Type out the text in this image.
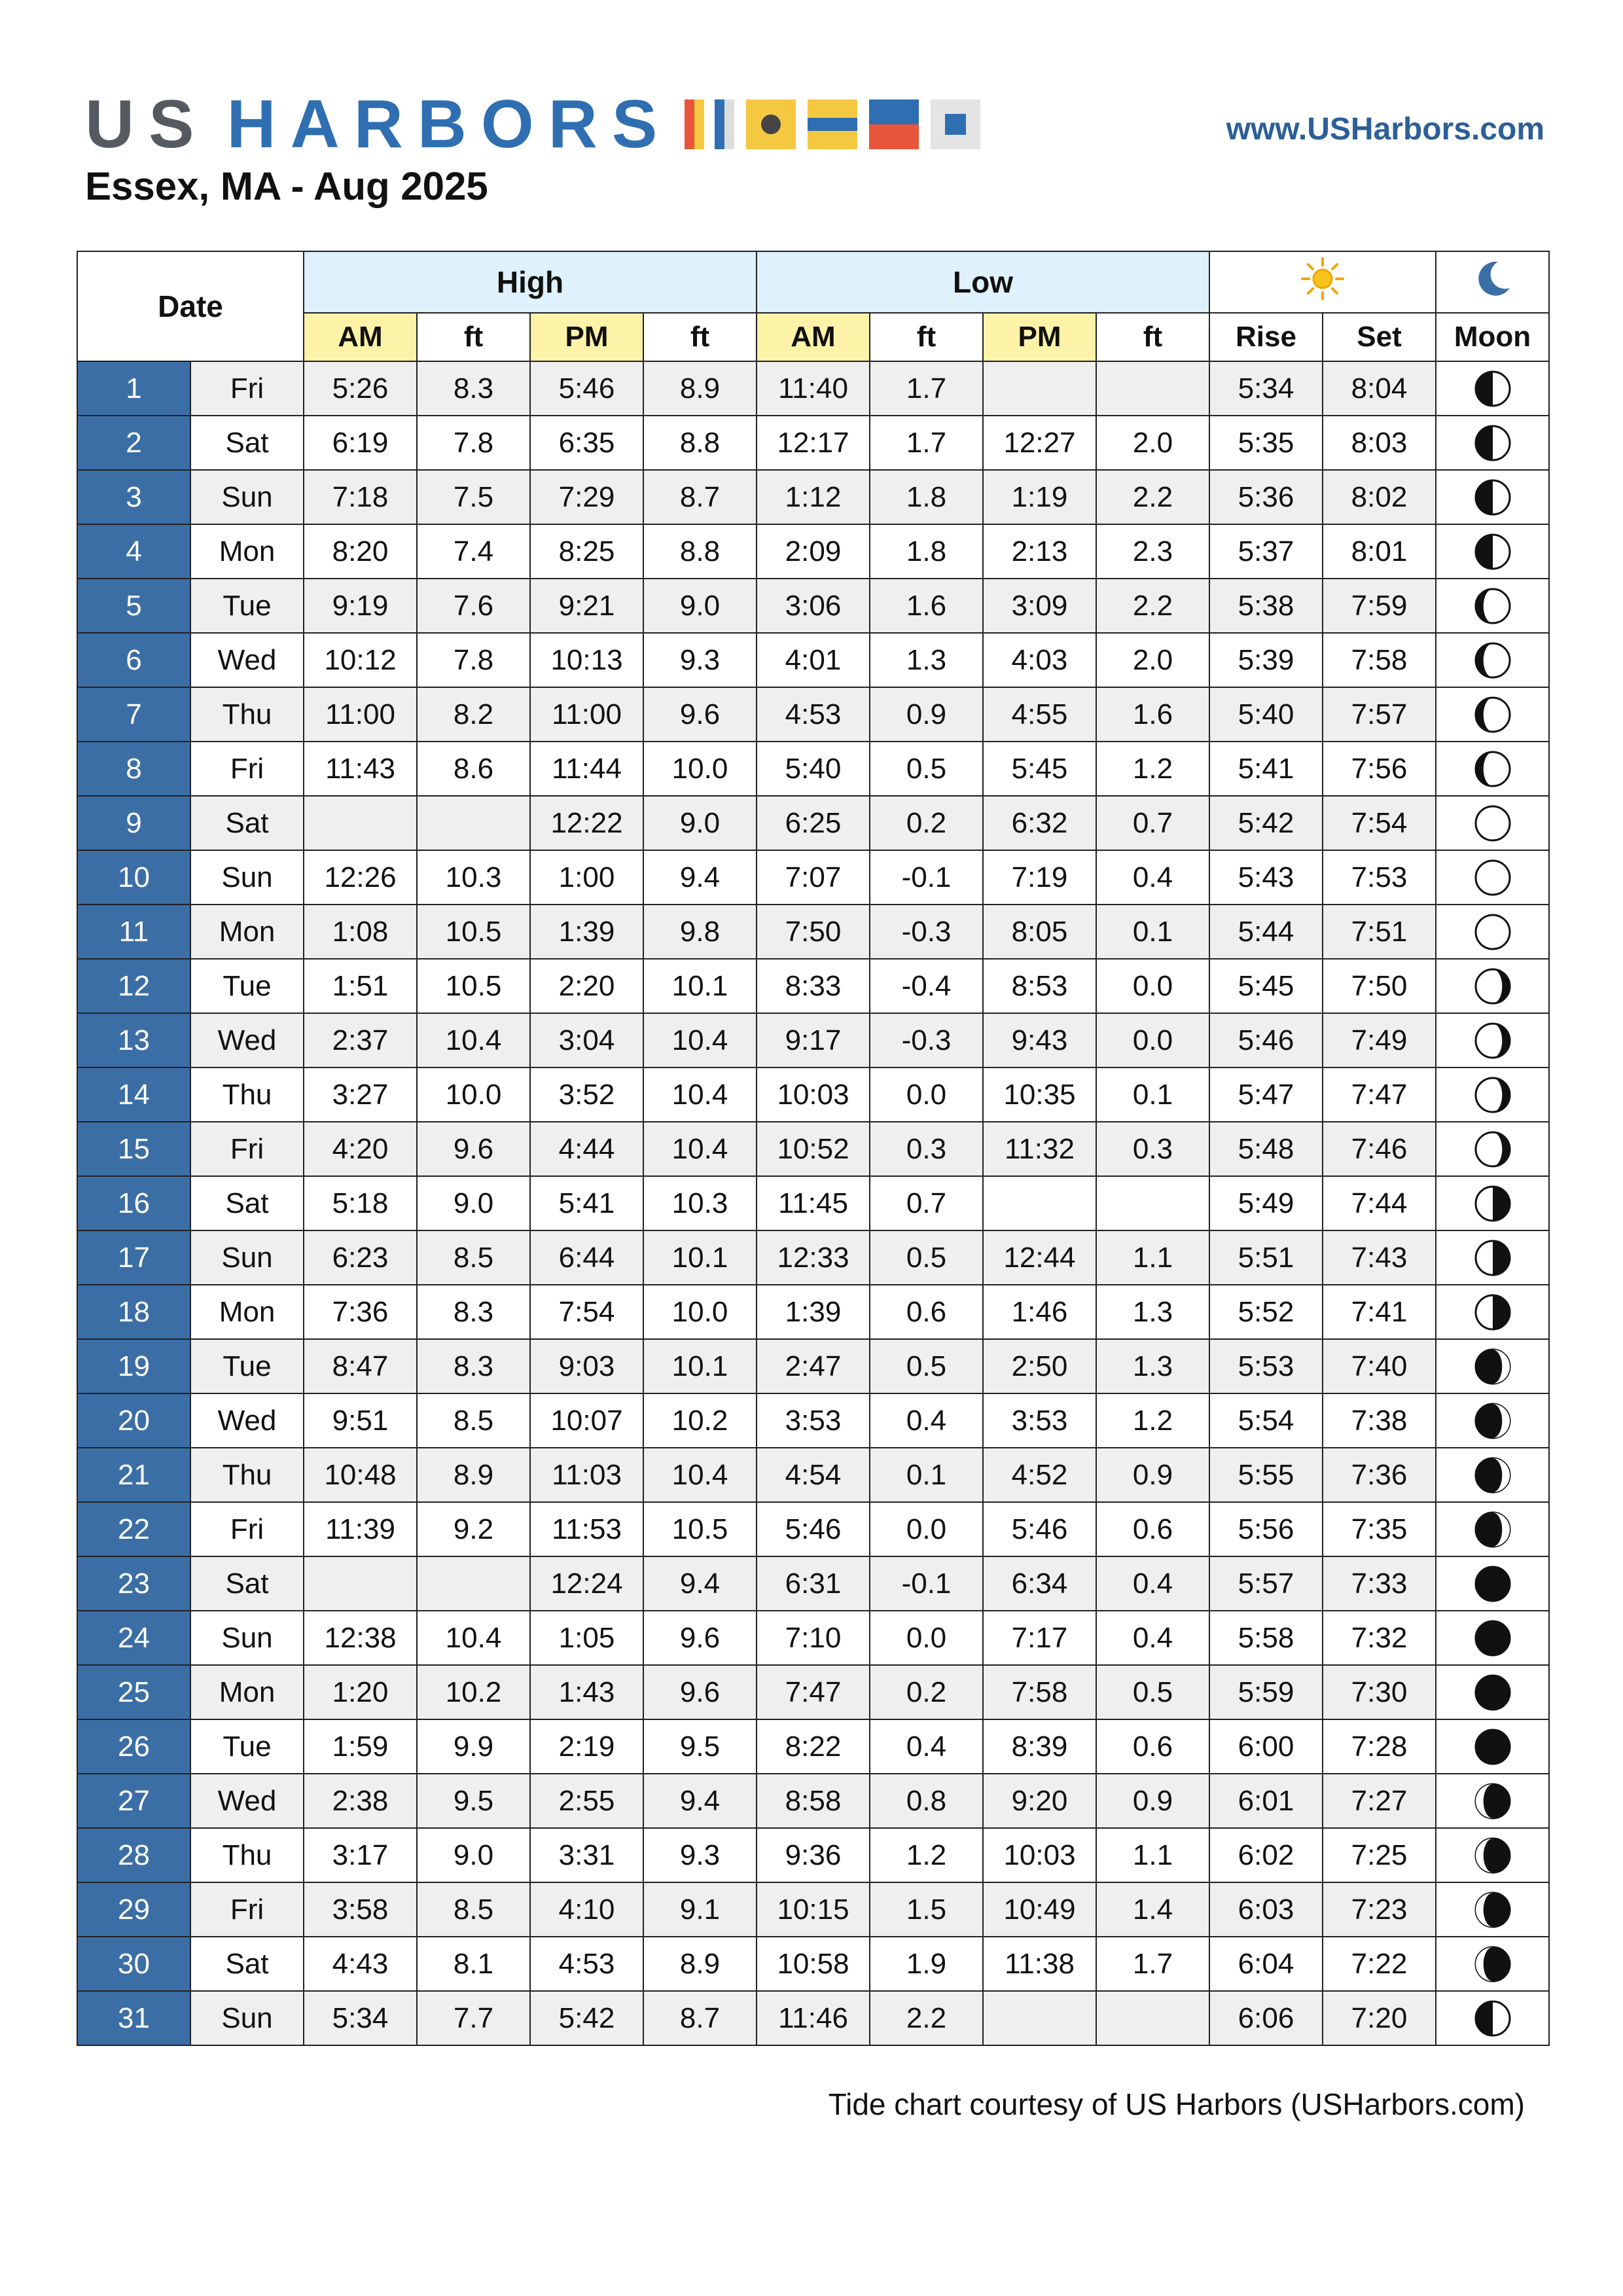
US HARBORS	www.USHarbors.com
Essex, MA - Aug 2025
Date		High				Low		
		AM	ft	PM	ft	AM	ft	PM	ft	Rise	Set	Moon
1	Fri	5:26	8.3	5:46	8.9	11:40	1.7			5:34	8:04	

2	Sat	6:19	7.8	6:35	8.8	12:17	1.7	12:27	2.0	5:35	8:03	

3	Sun	7:18	7.5	7:29	8.7	1:12	1.8	1:19	2.2	5:36	8:02	

4	Mon	8:20	7.4	8:25	8.8	2:09	1.8	2:13	2.3	5:37	8:01	

5	Tue	9:19	7.6	9:21	9.0	3:06	1.6	3:09	2.2	5:38	7:59	

6	Wed	10:12	7.8	10:13	9.3	4:01	1.3	4:03	2.0	5:39	7:58	

7	Thu	11:00	8.2	11:00	9.6	4:53	0.9	4:55	1.6	5:40	7:57	

8	Fri	11:43	8.6	11:44	10.0	5:40	0.5	5:45	1.2	5:41	7:56	

9	Sat			12:22	9.0	6:25	0.2	6:32	0.7	5:42	7:54	

10	Sun	12:26	10.3	1:00	9.4	7:07	-0.1	7:19	0.4	5:43	7:53	

11	Mon	1:08	10.5	1:39	9.8	7:50	-0.3	8:05	0.1	5:44	7:51	

12	Tue	1:51	10.5	2:20	10.1	8:33	-0.4	8:53	0.0	5:45	7:50	

13	Wed	2:37	10.4	3:04	10.4	9:17	-0.3	9:43	0.0	5:46	7:49	

14	Thu	3:27	10.0	3:52	10.4	10:03	0.0	10:35	0.1	5:47	7:47	

15	Fri	4:20	9.6	4:44	10.4	10:52	0.3	11:32	0.3	5:48	7:46	

16	Sat	5:18	9.0	5:41	10.3	11:45	0.7			5:49	7:44	

17	Sun	6:23	8.5	6:44	10.1	12:33	0.5	12:44	1.1	5:51	7:43	

18	Mon	7:36	8.3	7:54	10.0	1:39	0.6	1:46	1.3	5:52	7:41	

19	Tue	8:47	8.3	9:03	10.1	2:47	0.5	2:50	1.3	5:53	7:40	

20	Wed	9:51	8.5	10:07	10.2	3:53	0.4	3:53	1.2	5:54	7:38	

21	Thu	10:48	8.9	11:03	10.4	4:54	0.1	4:52	0.9	5:55	7:36	

22	Fri	11:39	9.2	11:53	10.5	5:46	0.0	5:46	0.6	5:56	7:35	

23	Sat			12:24	9.4	6:31	-0.1	6:34	0.4	5:57	7:33	

24	Sun	12:38	10.4	1:05	9.6	7:10	0.0	7:17	0.4	5:58	7:32	

25	Mon	1:20	10.2	1:43	9.6	7:47	0.2	7:58	0.5	5:59	7:30	

26	Tue	1:59	9.9	2:19	9.5	8:22	0.4	8:39	0.6	6:00	7:28	

27	Wed	2:38	9.5	2:55	9.4	8:58	0.8	9:20	0.9	6:01	7:27	

28	Thu	3:17	9.0	3:31	9.3	9:36	1.2	10:03	1.1	6:02	7:25	

29	Fri	3:58	8.5	4:10	9.1	10:15	1.5	10:49	1.4	6:03	7:23	

30	Sat	4:43	8.1	4:53	8.9	10:58	1.9	11:38	1.7	6:04	7:22	

31	Sun	5:34	7.7	5:42	8.7	11:46	2.2			6:06	7:20	
Tide chart courtesy of US Harbors (USHarbors.com)
